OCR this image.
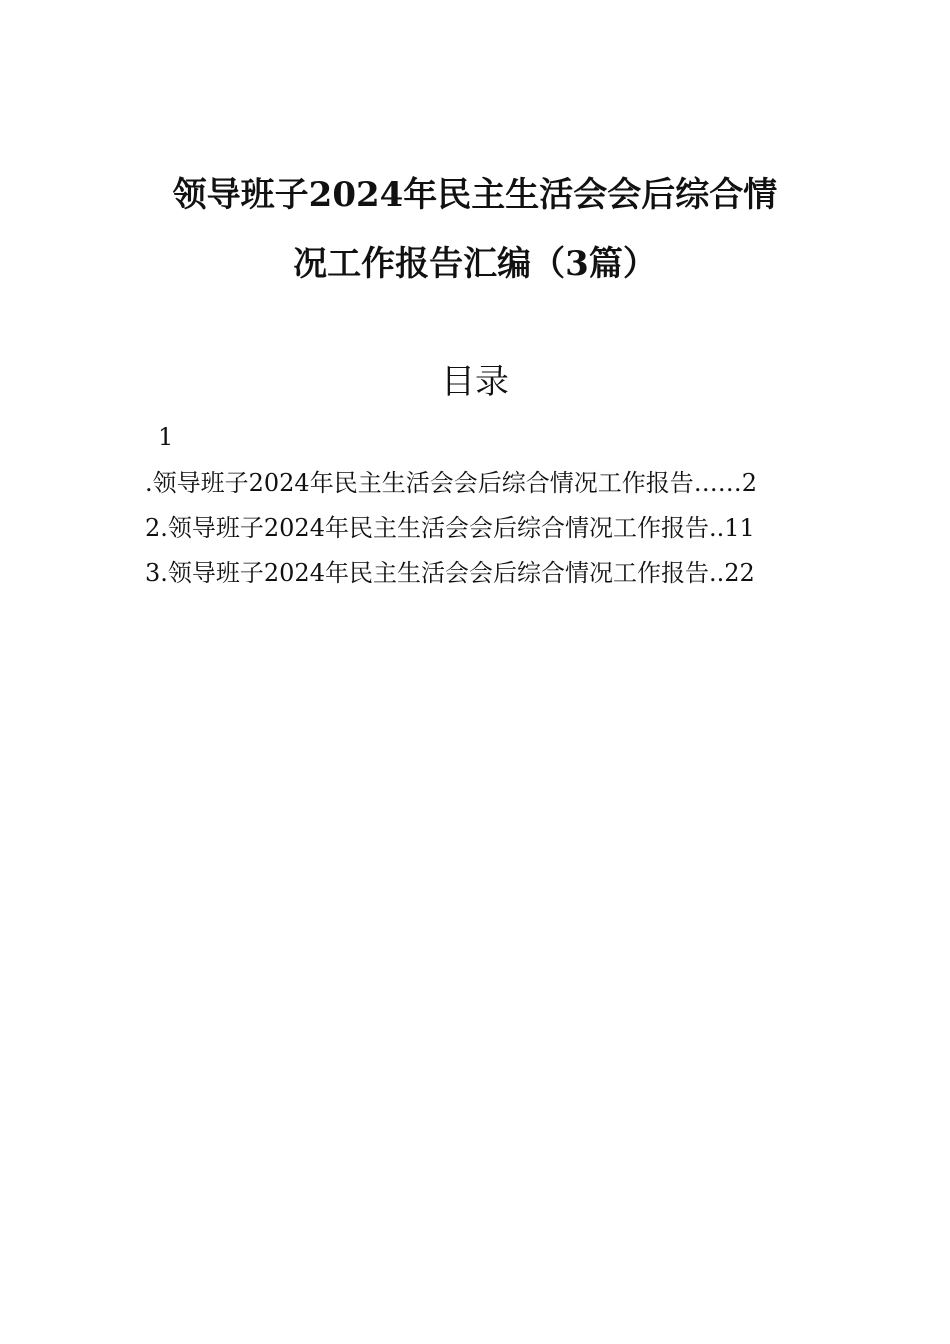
领导班子2024年民主生活会会后综合情
况工作报告汇编（3篇）
目录
1
.领导班子2024年民主生活会会后综合情况工作报告……2
2.领导班子2024年民主生活会会后综合情况工作报告..11
3.领导班子2024年民主生活会会后综合情况工作报告..22
